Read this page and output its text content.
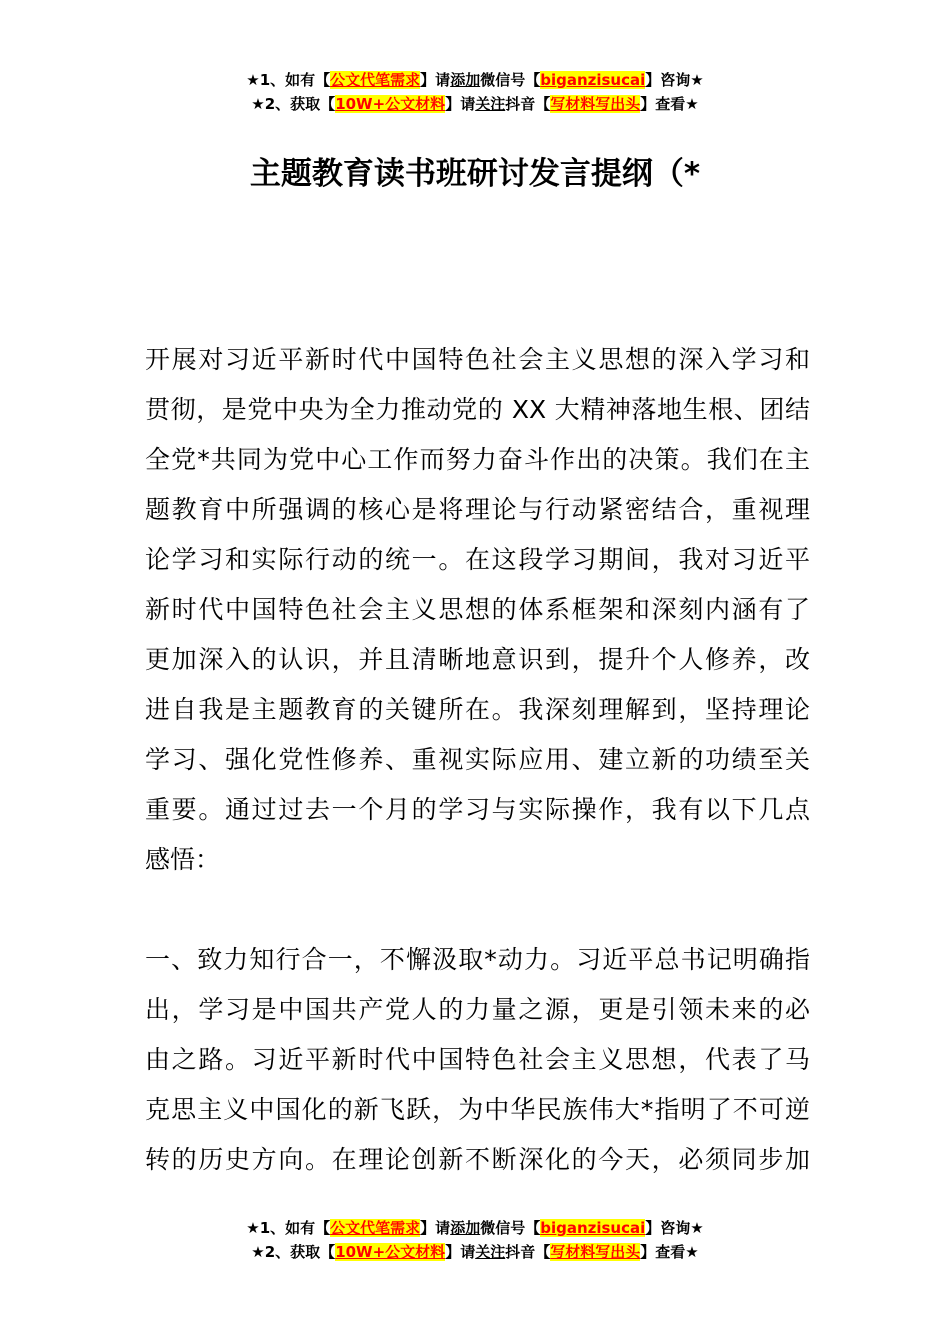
★1、如有【公文代笔需求】请添加微信号【biganzisucai】咨询★
★2、获取【10W+公文材料】请关注抖音【写材料写出头】查看★
主题教育读书班研讨发言提纲（*
开展对习近平新时代中国特色社会主义思想的深入学习和
贯彻，是党中央为全力推动党的 XX 大精神落地生根、团结
全党*共同为党中心工作而努力奋斗作出的决策。我们在主
题教育中所强调的核心是将理论与行动紧密结合，重视理
论学习和实际行动的统一。在这段学习期间，我对习近平
新时代中国特色社会主义思想的体系框架和深刻内涵有了
更加深入的认识，并且清晰地意识到，提升个人修养，改
进自我是主题教育的关键所在。我深刻理解到，坚持理论
学习、强化党性修养、重视实际应用、建立新的功绩至关
重要。通过过去一个月的学习与实际操作，我有以下几点
感悟：
一、致力知行合一，不懈汲取*动力。习近平总书记明确指
出，学习是中国共产党人的力量之源，更是引领未来的必
由之路。习近平新时代中国特色社会主义思想，代表了马
克思主义中国化的新飞跃，为中华民族伟大*指明了不可逆
转的历史方向。在理论创新不断深化的今天，必须同步加
★1、如有【公文代笔需求】请添加微信号【biganzisucai】咨询★
★2、获取【10W+公文材料】请关注抖音【写材料写出头】查看★
